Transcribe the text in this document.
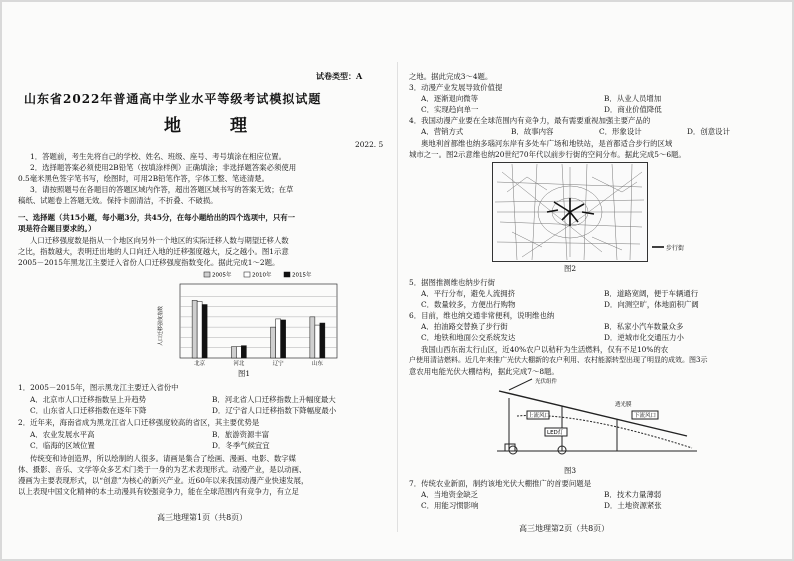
试卷类型：A
山东省2022年普通高中学业水平等级考试模拟试题
地　理
2022. 5
1．答题前，考生先将自己的学校、姓名、班级、座号、考号填涂在相应位置。
2．选择题答案必须使用2B铅笔（按填涂样例）正确填涂；非选择题答案必须使用
0.5毫米黑色签字笔书写，绘图时，可用2B铅笔作答，字体工整、笔迹清楚。
3．请按照题号在各题目的答题区域内作答，超出答题区域书写的答案无效；在草
稿纸、试题卷上答题无效。保持卡面清洁，不折叠、不破损。
一、选择题（共15小题，每小题3分，共45分，在每小题给出的四个选项中，只有一
项是符合题目要求的。）
人口迁移强度数是指从一个地区向另外一个地区的实际迁移人数与期望迁移人数
之比，指数越大，表明迁出地的人口向迁入地的迁移强度越大，反之越小。图1示意
2005－2015年黑龙江主要迁入省份人口迁移强度指数变化。据此完成1～2题。
人口迁移强度指数
北京	河北	辽宁	山东
2005年	2010年	2015年
图1
1．2005－2015年，图示黑龙江主要迁入省份中
A．北京市人口迁移指数呈上升趋势	B．河北省人口迁移指数上升幅度最大
C．山东省人口迁移指数在逐年下降	D．辽宁省人口迁移指数下降幅度最小
2．近年来，海南省成为黑龙江省人口迁移强度较高的省区，其主要优势是
A．农业发展水平高	B．旅游资源丰富
C．临海的区域位置	D．冬季气候宜宜
传统变和诗创造界，所以绘制的人很多。请画是集合了绘画、漫画、电影、数字媒
体、摄影、音乐、文学等众多艺术门类于一身的为艺术表现形式。动漫产业，是以动画、
漫画为主要表现形式，以“创意”为核心的新兴产业。近60年以来我国动漫产业快速发展，
以上表现中国文化精神的本土动漫具有较强竞争力，能在全球范围内有竞争力，有立足
高三地理第1页（共8页）
之地。据此完成3～4题。
3．动漫产业发展导致价值提
A．逐渐退向微等	B．从业人员增加
C．实现趋向单一	D．商业价值降低
4．我国动漫产业要在全球范围内有竞争力，最有需要重视加强主要产品的
A．营销方式	B．故事内容	C．形象设计	D．创意设计
奥地利首都维也纳多瑙河东岸有多处车广场和地铁站，是首都适合步行的区域
城市之一。图2示意维也纳20世纪70年代以前步行街的空间分布。据此完成5～6题。
步行街
图2
5．据图推测维也纳步行街
A．平行分布，避免人流拥挤	B．道路宽阔，便于车辆通行
C．数量较多，方便出行购物	D．向测空旷，体地面积广阔
6．目前，维也纳交通非常便利，说明维也纳
A．拍油路交替换了步行街	B．私家小汽车数量众多
C．地铁和地面公交系统发达	D．逆城市化交通压力小
我国山西东南太行山区，近40%农户以秸秆为生活燃料，仅有不足10%的农
户使用清洁燃料。近几年来推广光伏大棚新的农户利用、农村能源转型出现了明显的成效。图3示
意农用电能光伏大棚结构，据此完成7～8题。
光伏组件
上流风口
LED灯
下流风口
透光膜
图3
7．传统农业新面，制约该地光伏大棚推广的首要问题是
A．当地资金缺乏	B．技术力量薄弱
C．用能习惯影响	D．土地资源紧张
高三地理第2页（共8页）
